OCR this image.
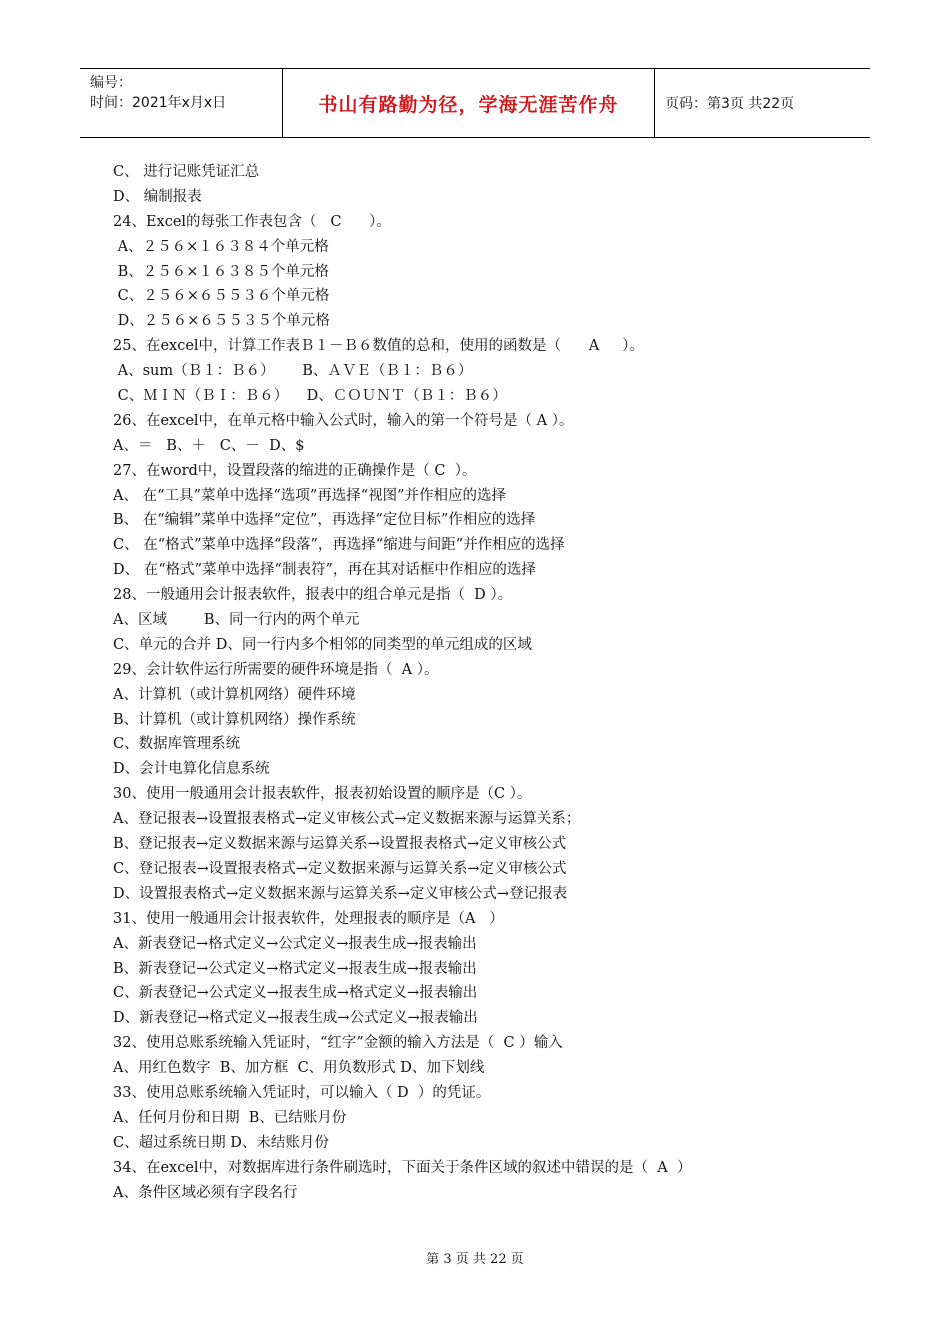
编号：
时间：2021年x月x日	书山有路勤为径，学海无涯苦作舟	页码：第3页 共22页
C、 进行记账凭证汇总
D、 编制报表
24、Excel的每张工作表包含（   C      ）。
A、２５６×１６３８４个单元格
B、２５６×１６３８５个单元格
C、２５６×６５５３６个单元格
D、２５６×６５５３５个单元格
25、在excel中，计算工作表Ｂ１－Ｂ６数值的总和，使用的函数是（      A     ）。
A、sum（Ｂ１：Ｂ６）      B、ＡＶＥ（Ｂ１：Ｂ６）
C、ＭＩＮ（ＢＩ：Ｂ６）    D、ＣＯＵＮＴ（Ｂ１：Ｂ６）
26、在excel中，在单元格中输入公式时，输入的第一个符号是（ A ）。
A、＝   B、＋   C、－  D、$
27、在word中，设置段落的缩进的正确操作是（ C  ）。
A、 在“工具”菜单中选择“选项”再选择“视图”并作相应的选择
B、 在“编辑”菜单中选择“定位”，再选择“定位目标”作相应的选择
C、 在“格式”菜单中选择“段落”，再选择“缩进与间距”并作相应的选择
D、 在“格式”菜单中选择“制表符”，再在其对话框中作相应的选择
28、一般通用会计报表软件，报表中的组合单元是指（  D ）。
A、区域        B、同一行内的两个单元
C、单元的合并 D、同一行内多个相邻的同类型的单元组成的区域
29、会计软件运行所需要的硬件环境是指（  A ）。
A、计算机（或计算机网络）硬件环境
B、计算机（或计算机网络）操作系统
C、数据库管理系统
D、会计电算化信息系统
30、使用一般通用会计报表软件，报表初始设置的顺序是（C ）。
A、登记报表→设置报表格式→定义审核公式→定义数据来源与运算关系；
B、登记报表→定义数据来源与运算关系→设置报表格式→定义审核公式
C、登记报表→设置报表格式→定义数据来源与运算关系→定义审核公式
D、设置报表格式→定义数据来源与运算关系→定义审核公式→登记报表
31、使用一般通用会计报表软件，处理报表的顺序是（A   ）
A、新表登记→格式定义→公式定义→报表生成→报表输出
B、新表登记→公式定义→格式定义→报表生成→报表输出
C、新表登记→公式定义→报表生成→格式定义→报表输出
D、新表登记→格式定义→报表生成→公式定义→报表输出
32、使用总账系统输入凭证时，“红字”金额的输入方法是（  C ）输入
A、用红色数字  B、加方框  C、用负数形式 D、加下划线
33、使用总账系统输入凭证时，可以输入（ D  ）的凭证。
A、任何月份和日期  B、已结账月份
C、超过系统日期 D、未结账月份
34、在excel中，对数据库进行条件刷选时，下面关于条件区域的叙述中错误的是（  A  ）
A、条件区域必须有字段名行
第 3 页 共 22 页
